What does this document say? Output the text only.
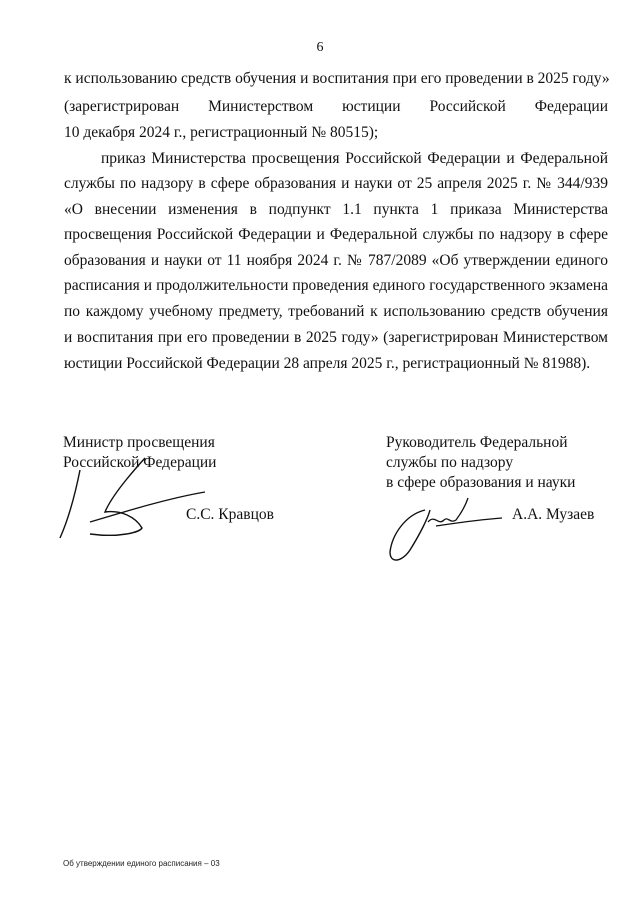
6
к использованию средств обучения и воспитания при его проведении в 2025 году»
(зарегистрирован Министерством юстиции Российской Федерации
10 декабря 2024 г., регистрационный № 80515);
приказ Министерства просвещения Российской Федерации и Федеральной
службы по надзору в сфере образования и науки от 25 апреля 2025 г. № 344/939
«О внесении изменения в подпункт 1.1 пункта 1 приказа Министерства
просвещения Российской Федерации и Федеральной службы по надзору в сфере
образования и науки от 11 ноября 2024 г. № 787/2089 «Об утверждении единого
расписания и продолжительности проведения единого государственного экзамена
по каждому учебному предмету, требований к использованию средств обучения
и воспитания при его проведении в 2025 году» (зарегистрирован Министерством
юстиции Российской Федерации 28 апреля 2025 г., регистрационный № 81988).
Министр просвещения
Российской Федерации
С.С. Кравцов
Руководитель Федеральной
службы по надзору
в сфере образования и науки
А.А. Музаев
Об утверждении единого расписания – 03
